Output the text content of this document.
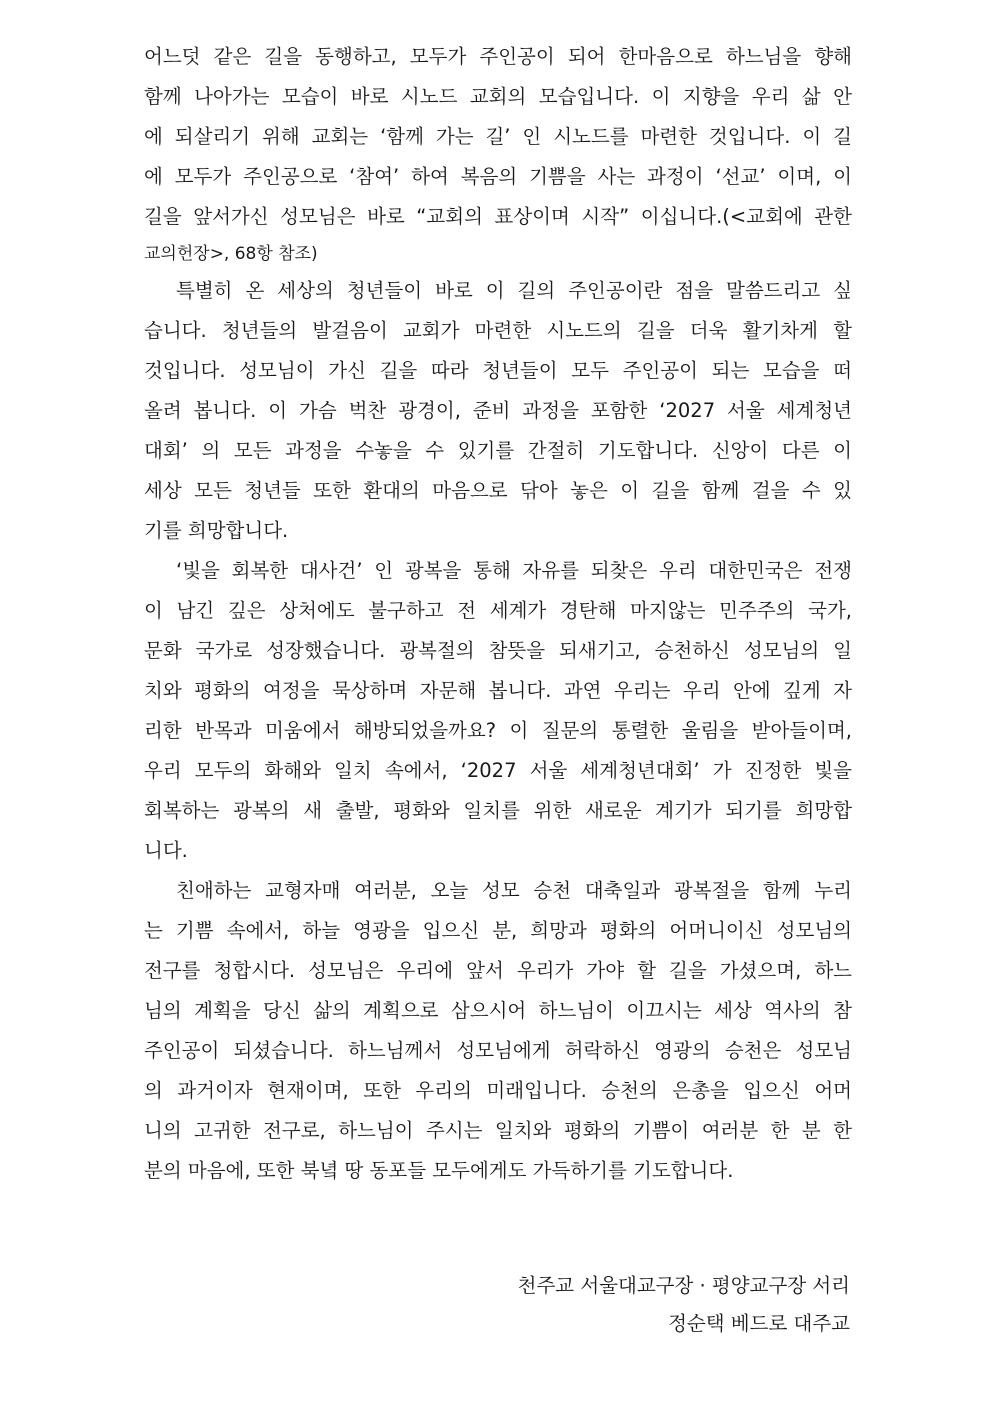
어느덧 같은 길을 동행하고, 모두가 주인공이 되어 한마음으로 하느님을 향해
함께 나아가는 모습이 바로 시노드 교회의 모습입니다. 이 지향을 우리 삶 안
에 되살리기 위해 교회는 ‘함께 가는 길’ 인 시노드를 마련한 것입니다. 이 길
에 모두가 주인공으로 ‘참여’ 하여 복음의 기쁨을 사는 과정이 ‘선교’ 이며, 이
길을 앞서가신 성모님은 바로 “교회의 표상이며 시작” 이십니다.(<교회에 관한
교의헌장>, 68항 참조)
특별히 온 세상의 청년들이 바로 이 길의 주인공이란 점을 말씀드리고 싶
습니다. 청년들의 발걸음이 교회가 마련한 시노드의 길을 더욱 활기차게 할
것입니다. 성모님이 가신 길을 따라 청년들이 모두 주인공이 되는 모습을 떠
올려 봅니다. 이 가슴 벅찬 광경이, 준비 과정을 포함한 ‘2027 서울 세계청년
대회’ 의 모든 과정을 수놓을 수 있기를 간절히 기도합니다. 신앙이 다른 이
세상 모든 청년들 또한 환대의 마음으로 닦아 놓은 이 길을 함께 걸을 수 있
기를 희망합니다.
‘빛을 회복한 대사건’ 인 광복을 통해 자유를 되찾은 우리 대한민국은 전쟁
이 남긴 깊은 상처에도 불구하고 전 세계가 경탄해 마지않는 민주주의 국가,
문화 국가로 성장했습니다. 광복절의 참뜻을 되새기고, 승천하신 성모님의 일
치와 평화의 여정을 묵상하며 자문해 봅니다. 과연 우리는 우리 안에 깊게 자
리한 반목과 미움에서 해방되었을까요? 이 질문의 통렬한 울림을 받아들이며,
우리 모두의 화해와 일치 속에서, ‘2027 서울 세계청년대회’ 가 진정한 빛을
회복하는 광복의 새 출발, 평화와 일치를 위한 새로운 계기가 되기를 희망합
니다.
친애하는 교형자매 여러분, 오늘 성모 승천 대축일과 광복절을 함께 누리
는 기쁨 속에서, 하늘 영광을 입으신 분, 희망과 평화의 어머니이신 성모님의
전구를 청합시다. 성모님은 우리에 앞서 우리가 가야 할 길을 가셨으며, 하느
님의 계획을 당신 삶의 계획으로 삼으시어 하느님이 이끄시는 세상 역사의 참
주인공이 되셨습니다. 하느님께서 성모님에게 허락하신 영광의 승천은 성모님
의 과거이자 현재이며, 또한 우리의 미래입니다. 승천의 은총을 입으신 어머
니의 고귀한 전구로, 하느님이 주시는 일치와 평화의 기쁨이 여러분 한 분 한
분의 마음에, 또한 북녘 땅 동포들 모두에게도 가득하기를 기도합니다.
천주교 서울대교구장 · 평양교구장 서리
정순택 베드로 대주교
